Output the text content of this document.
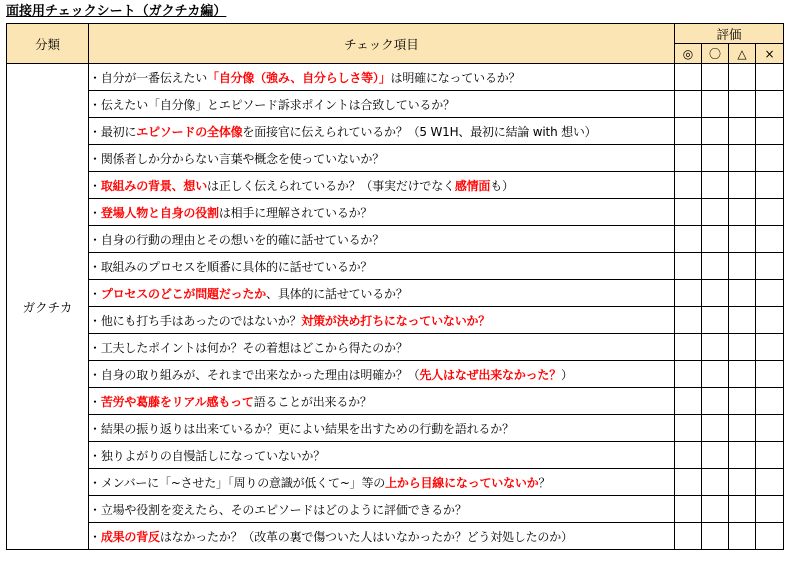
面接用チェックシート（ガクチカ編）
分類	チェック項目	評価			
		◎	〇	△	×
ガクチカ	・自分が一番伝えたい「自分像（強み、自分らしさ等）」は明確になっているか？				
	・伝えたい「自分像」とエピソード訴求ポイントは合致しているか？				
	・最初にエピソードの全体像を面接官に伝えられているか？（5 W1H、最初に結論 with 想い）				
	・関係者しか分からない言葉や概念を使っていないか？				
	・取組みの背景、想いは正しく伝えられているか？（事実だけでなく感情面も）				
	・登場人物と自身の役割は相手に理解されているか？				
	・自身の行動の理由とその想いを的確に話せているか？				
	・取組みのプロセスを順番に具体的に話せているか？				
	・プロセスのどこが問題だったか、具体的に話せているか？				
	・他にも打ち手はあったのではないか？対策が決め打ちになっていないか？				
	・工夫したポイントは何か？その着想はどこから得たのか？				
	・自身の取り組みが、それまで出来なかった理由は明確か？（先人はなぜ出来なかった？）				
	・苦労や葛藤をリアル感もって語ることが出来るか？				
	・結果の振り返りは出来ているか？更によい結果を出すための行動を語れるか？				
	・独りよがりの自慢話しになっていないか？				
	・メンバーに「~させた」「周りの意識が低くて~」等の上から目線になっていないか？				
	・立場や役割を変えたら、そのエピソードはどのように評価できるか？				
	・成果の背反はなかったか？（改革の裏で傷ついた人はいなかったか？どう対処したのか）				
